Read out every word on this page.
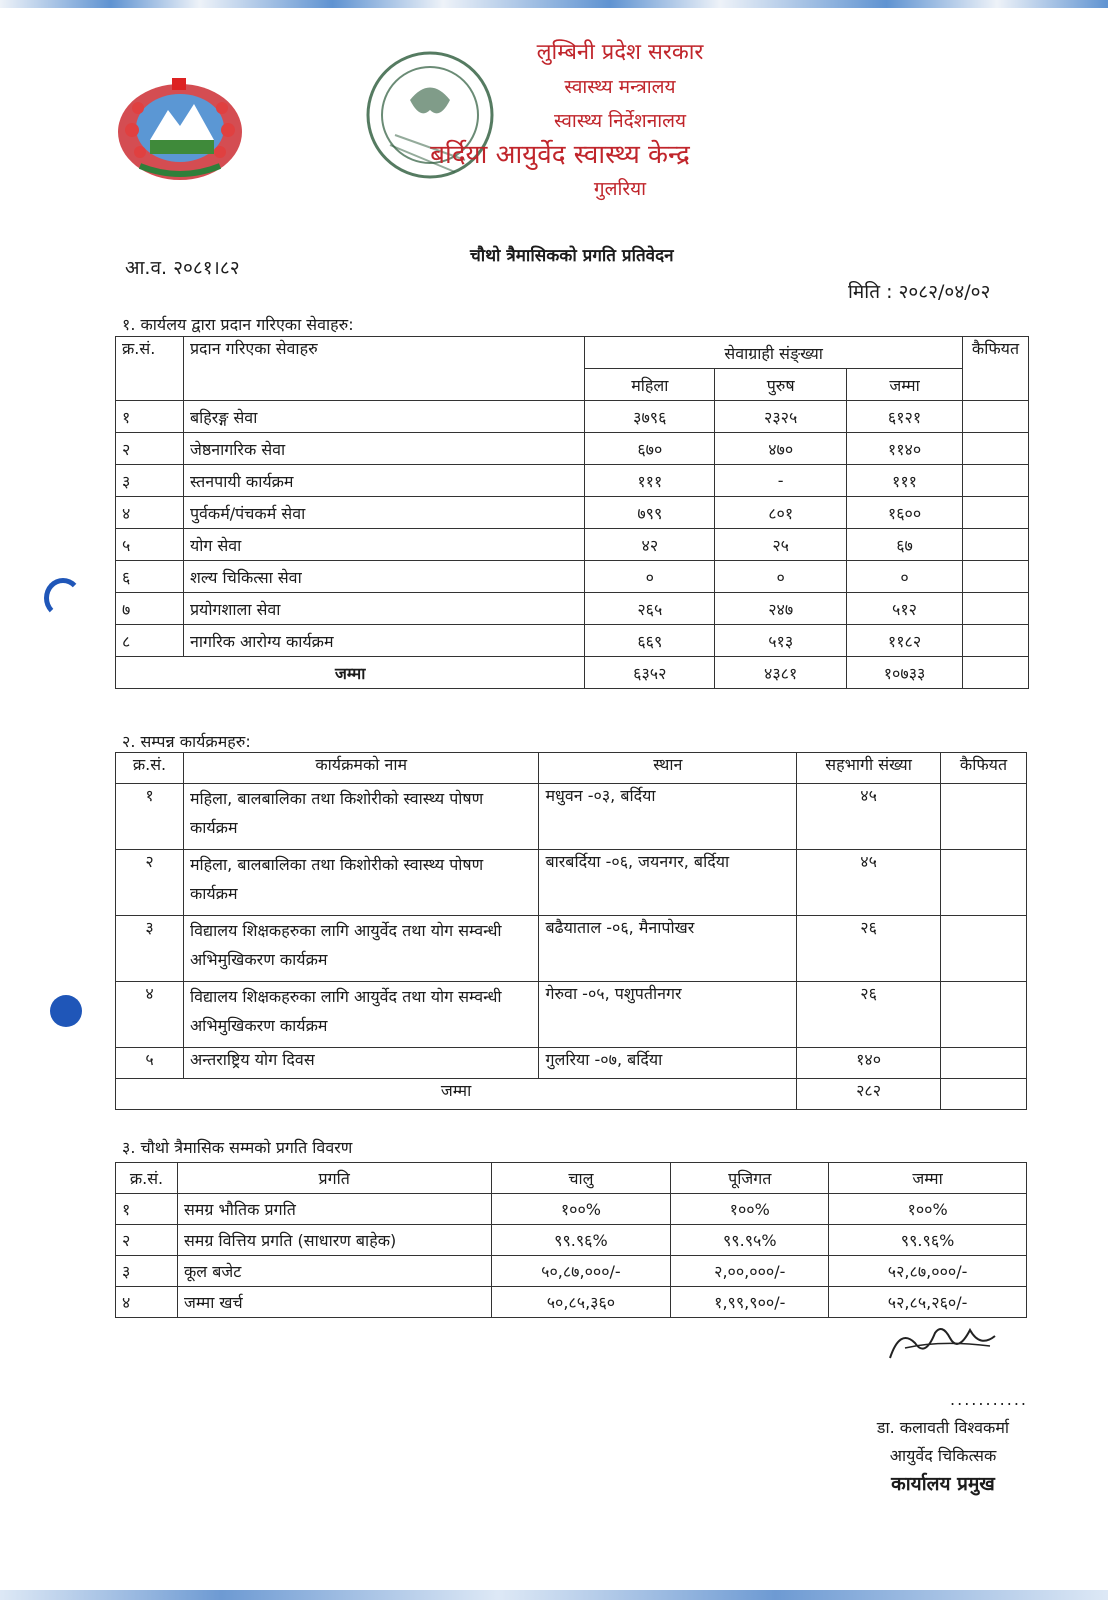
लुम्बिनी प्रदेश सरकार
स्वास्थ्य मन्त्रालय
स्वास्थ्य निर्देशनालय
बर्दिया आयुर्वेद स्वास्थ्य केन्द्र
गुलरिया
आ.व. २०८१।८२
चौथो त्रैमासिकको प्रगति प्रतिवेदन
मिति : २०८२/०४/०२
१. कार्यलय द्वारा प्रदान गरिएका सेवाहरु:
क्र.सं.	प्रदान गरिएका सेवाहरु	सेवाग्राही संङ्ख्या			कैफियत
		महिला	पुरुष	जम्मा	
१	बहिरङ्ग सेवा	३७९६	२३२५	६१२१	
२	जेष्ठनागरिक सेवा	६७०	४७०	११४०	
३	स्तनपायी कार्यक्रम	१११	-	१११	
४	पुर्वकर्म/पंचकर्म सेवा	७९९	८०१	१६००	
५	योग सेवा	४२	२५	६७	
६	शल्य चिकित्सा सेवा	०	०	०	
७	प्रयोगशाला सेवा	२६५	२४७	५१२	
८	नागरिक आरोग्य कार्यक्रम	६६९	५१३	११८२	
जम्मा		६३५२	४३८१	१०७३३	
२. सम्पन्न कार्यक्रमहरु:
क्र.सं.	कार्यक्रमको नाम	स्थान	सहभागी संख्या	कैफियत
१	महिला, बालबालिका तथा किशोरीको स्वास्थ्य पोषण कार्यक्रम	मधुवन -०३, बर्दिया	४५	
२	महिला, बालबालिका तथा किशोरीको स्वास्थ्य पोषण कार्यक्रम	बारबर्दिया -०६, जयनगर, बर्दिया	४५	
३	विद्यालय शिक्षकहरुका लागि आयुर्वेद तथा योग सम्वन्धी अभिमुखिकरण कार्यक्रम	बढैयाताल -०६, मैनापोखर	२६	
४	विद्यालय शिक्षकहरुका लागि आयुर्वेद तथा योग सम्वन्धी अभिमुखिकरण कार्यक्रम	गेरुवा -०५, पशुपतीनगर	२६	
५	अन्तराष्ट्रिय योग दिवस	गुलरिया -०७, बर्दिया	१४०	
जम्मा			२८२	
३. चौथो त्रैमासिक सम्मको प्रगति विवरण
क्र.सं.	प्रगति	चालु	पूजिगत	जम्मा
१	समग्र भौतिक प्रगति	१००%	१००%	१००%
२	समग्र वित्तिय प्रगति (साधारण बाहेक)	९९.९६%	९९.९५%	९९.९६%
३	कूल बजेट	५०,८७,०००/-	२,००,०००/-	५२,८७,०००/-
४	जम्मा खर्च	५०,८५,३६०	१,९९,९००/-	५२,८५,२६०/-
...........
डा. कलावती विश्वकर्मा
आयुर्वेद चिकित्सक
कार्यालय प्रमुख
